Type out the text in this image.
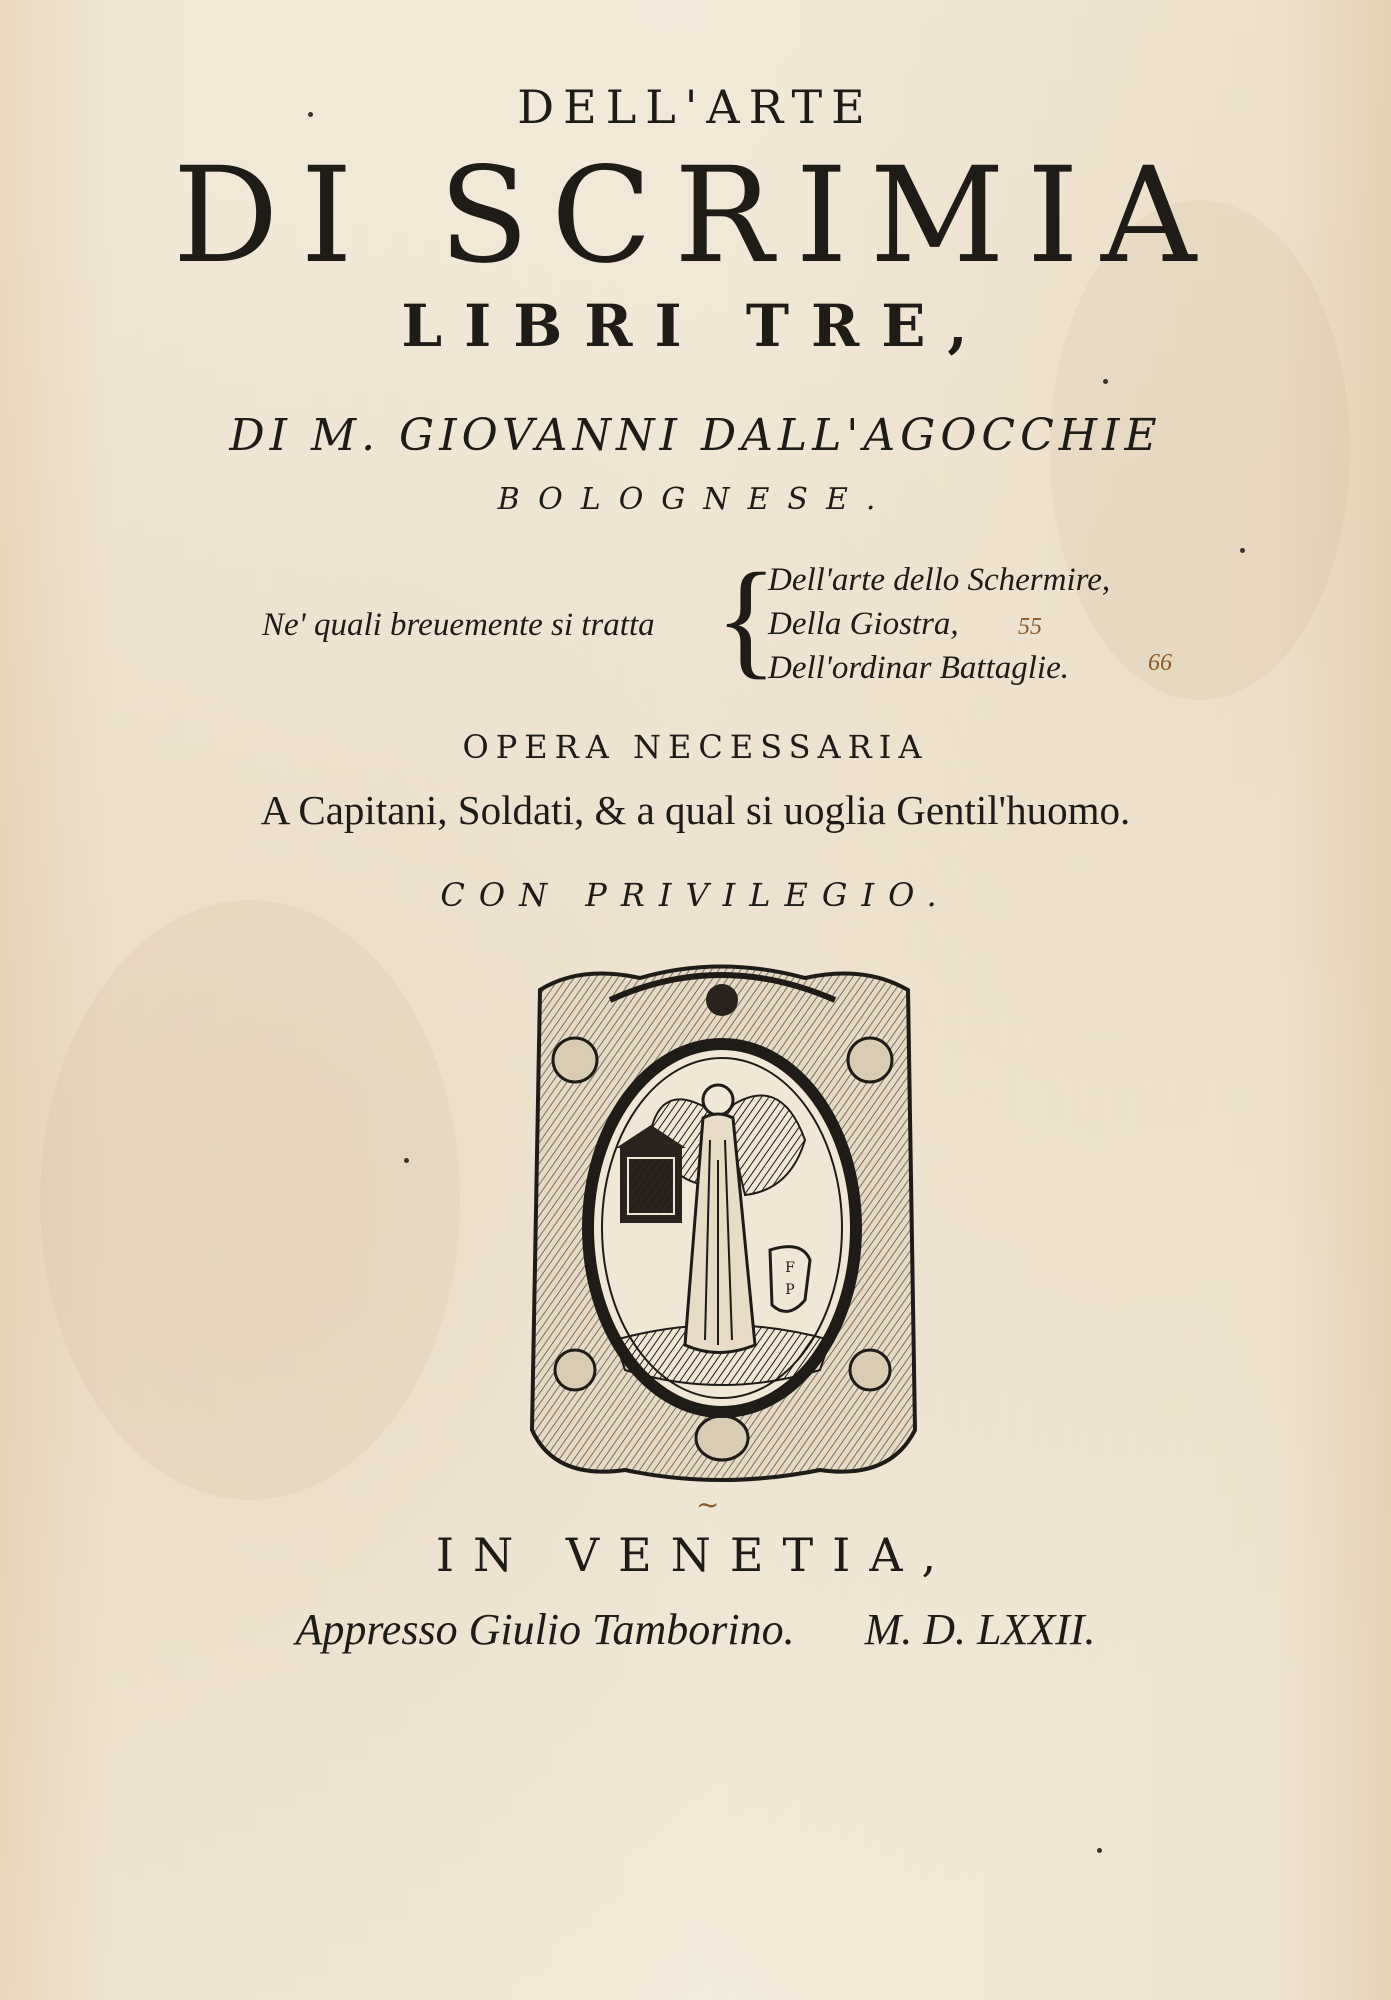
DELL'ARTE
DI SCRIMIA
LIBRI TRE,
DI M. GIOVANNI DALL'AGOCCHIE
BOLOGNESE.
Ne' quali breuemente si tratta {
Dell'arte dello Schermire,
Della Giostra,
Dell'ordinar Battaglie.
55
66
OPERA NECESSARIA
A Capitani, Soldati, & a qual si uoglia Gentil'huomo.
CON PRIVILEGIO.
F
P
~
IN VENETIA,
Appresso Giulio Tamborino. M. D. LXXII.
